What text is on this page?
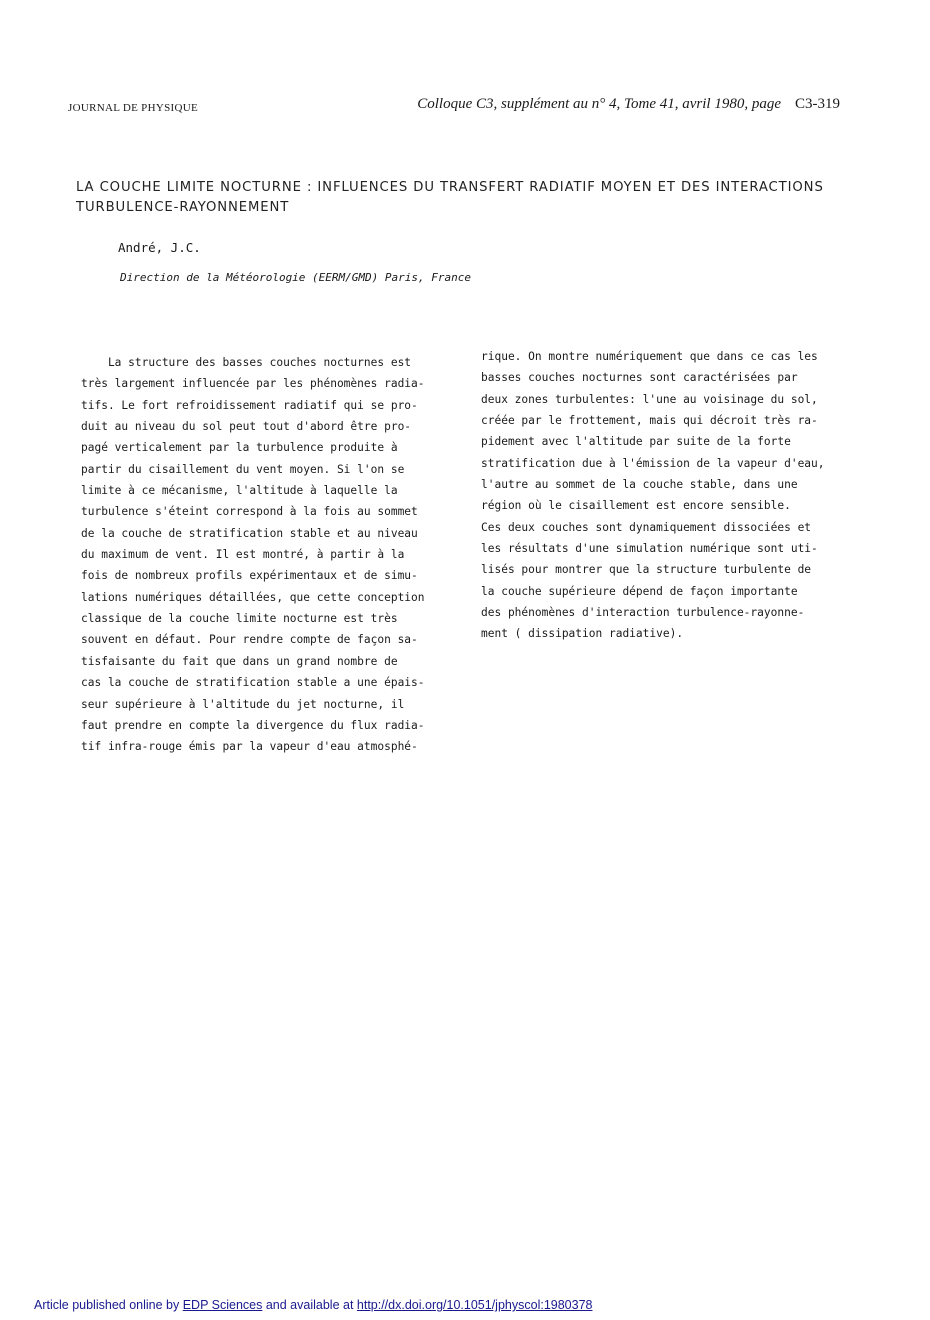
JOURNAL DE PHYSIQUE	Colloque C3, supplément au n° 4, Tome 41, avril 1980, page C3-319
LA COUCHE LIMITE NOCTURNE : INFLUENCES DU TRANSFERT RADIATIF MOYEN ET DES INTERACTIONS
TURBULENCE-RAYONNEMENT
André, J.C.
Direction de la Météorologie (EERM/GMD) Paris, France
La structure des basses couches nocturnes est
très largement influencée par les phénomènes radia-
tifs. Le fort refroidissement radiatif qui se pro-
duit au niveau du sol peut tout d'abord être pro-
pagé verticalement par la turbulence produite à
partir du cisaillement du vent moyen. Si l'on se
limite à ce mécanisme, l'altitude à laquelle la
turbulence s'éteint correspond à la fois au sommet
de la couche de stratification stable et au niveau
du maximum de vent. Il est montré, à partir à la
fois de nombreux profils expérimentaux et de simu-
lations numériques détaillées, que cette conception
classique de la couche limite nocturne est très
souvent en défaut. Pour rendre compte de façon sa-
tisfaisante du fait que dans un grand nombre de
cas la couche de stratification stable a une épais-
seur supérieure à l'altitude du jet nocturne, il
faut prendre en compte la divergence du flux radia-
tif infra-rouge émis par la vapeur d'eau atmosphé-
rique. On montre numériquement que dans ce cas les
basses couches nocturnes sont caractérisées par
deux zones turbulentes: l'une au voisinage du sol,
créée par le frottement, mais qui décroit très ra-
pidement avec l'altitude par suite de la forte
stratification due à l'émission de la vapeur d'eau,
l'autre au sommet de la couche stable, dans une
région où le cisaillement est encore sensible.
Ces deux couches sont dynamiquement dissociées et
les résultats d'une simulation numérique sont uti-
lisés pour montrer que la structure turbulente de
la couche supérieure dépend de façon importante
des phénomènes d'interaction turbulence-rayonne-
ment ( dissipation radiative).
Article published online by EDP Sciences and available at http://dx.doi.org/10.1051/jphyscol:1980378
